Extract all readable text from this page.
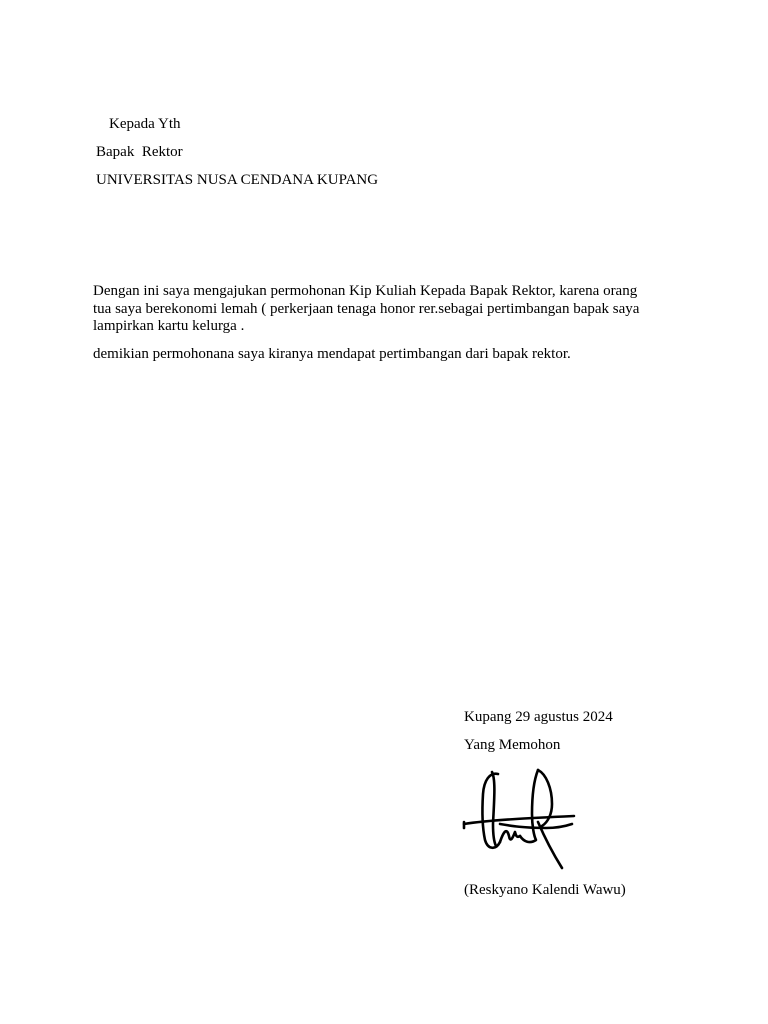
Kepada Yth
Bapak  Rektor
UNIVERSITAS NUSA CENDANA KUPANG
Dengan ini saya mengajukan permohonan Kip Kuliah Kepada Bapak Rektor, karena orang
tua saya berekonomi lemah ( perkerjaan tenaga honor rer.sebagai pertimbangan bapak saya
lampirkan kartu kelurga .
demikian permohonana saya kiranya mendapat pertimbangan dari bapak rektor.
Kupang 29 agustus 2024
Yang Memohon
(Reskyano Kalendi Wawu)
